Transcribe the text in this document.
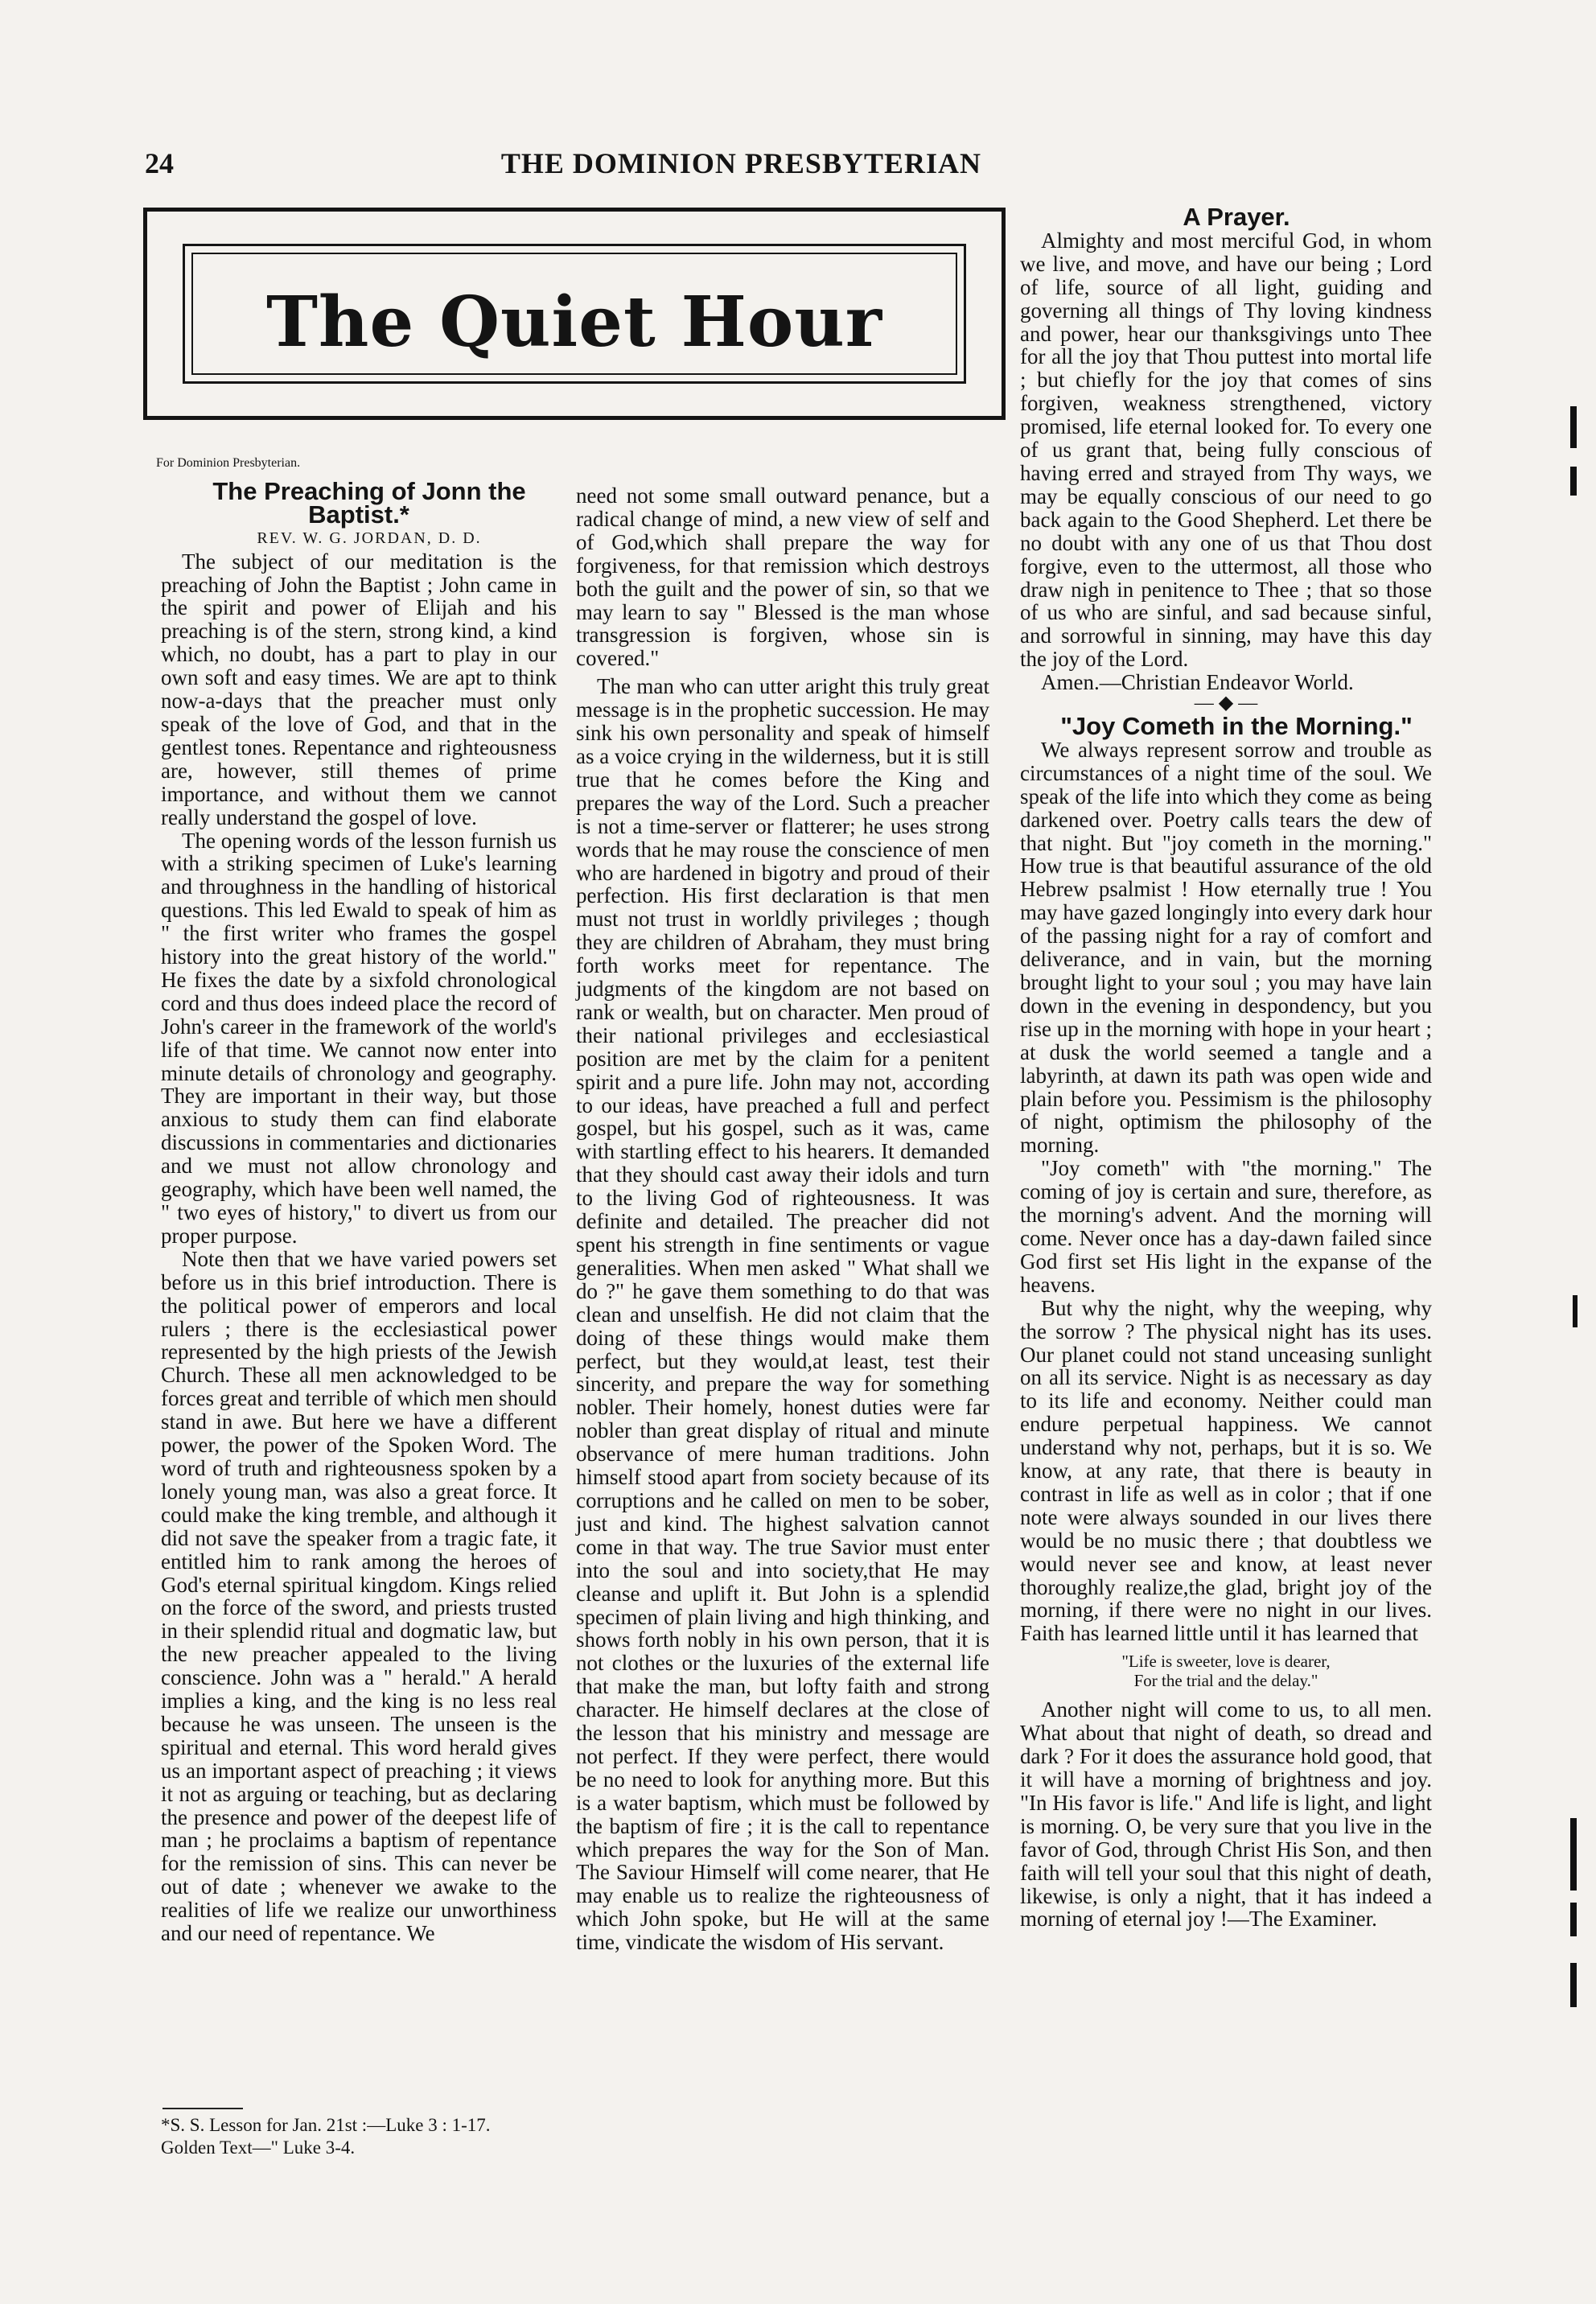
24	THE DOMINION PRESBYTERIAN
The Quiet Hour

For Dominion Presbyterian.

The Preaching of Jonn the Baptist.*

REV. W. G. JORDAN, D. D.

The subject of our meditation is the preaching of John the Baptist ; John came in the spirit and power of Elijah and his preaching is of the stern, strong kind, a kind which, no doubt, has a part to play in our own soft and easy times. We are apt to think now-a-days that the preacher must only speak of the love of God, and that in the gentlest tones. Repentance and righteousness are, however, still themes of prime importance, and without them we cannot really understand the gospel of love.

The opening words of the lesson furnish us with a striking specimen of Luke's learning and throughness in the handling of historical questions. This led Ewald to speak of him as " the first writer who frames the gospel history into the great history of the world." He fixes the date by a sixfold chronological cord and thus does indeed place the record of John's career in the framework of the world's life of that time. We cannot now enter into minute details of chronology and geography. They are important in their way, but those anxious to study them can find elaborate discussions in commentaries and dictionaries and we must not allow chronology and geography, which have been well named, the " two eyes of history," to divert us from our proper purpose.

Note then that we have varied powers set before us in this brief introduction. There is the political power of emperors and local rulers ; there is the ecclesiastical power represented by the high priests of the Jewish Church. These all men acknowledged to be forces great and terrible of which men should stand in awe. But here we have a different power, the power of the Spoken Word. The word of truth and righteousness spoken by a lonely young man, was also a great force. It could make the king tremble, and although it did not save the speaker from a tragic fate, it entitled him to rank among the heroes of God's eternal spiritual kingdom. Kings relied on the force of the sword, and priests trusted in their splendid ritual and dogmatic law, but the new preacher appealed to the living conscience. John was a " herald." A herald implies a king, and the king is no less real because he was unseen. The unseen is the spiritual and eternal. This word herald gives us an important aspect of preaching ; it views it not as arguing or teaching, but as declaring the presence and power of the deepest life of man ; he proclaims a baptism of repentance for the remission of sins. This can never be out of date ; whenever we awake to the realities of life we realize our unworthiness and our need of repentance. We

need not some small outward penance, but a radical change of mind, a new view of self and of God,which shall prepare the way for forgiveness, for that remission which destroys both the guilt and the power of sin, so that we may learn to say " Blessed is the man whose transgression is forgiven, whose sin is covered."

The man who can utter aright this truly great message is in the prophetic succession. He may sink his own personality and speak of himself as a voice crying in the wilderness, but it is still true that he comes before the King and prepares the way of the Lord. Such a preacher is not a time-server or flatterer; he uses strong words that he may rouse the conscience of men who are hardened in bigotry and proud of their perfection. His first declaration is that men must not trust in worldly privileges ; though they are children of Abraham, they must bring forth works meet for repentance. The judgments of the kingdom are not based on rank or wealth, but on character. Men proud of their national privileges and ecclesiastical position are met by the claim for a penitent spirit and a pure life. John may not, according to our ideas, have preached a full and perfect gospel, but his gospel, such as it was, came with startling effect to his hearers. It demanded that they should cast away their idols and turn to the living God of righteousness. It was definite and detailed. The preacher did not spent his strength in fine sentiments or vague generalities. When men asked " What shall we do ?" he gave them something to do that was clean and unselfish. He did not claim that the doing of these things would make them perfect, but they would,at least, test their sincerity, and prepare the way for something nobler. Their homely, honest duties were far nobler than great display of ritual and minute observance of mere human traditions. John himself stood apart from society because of its corruptions and he called on men to be sober, just and kind. The highest salvation cannot come in that way. The true Savior must enter into the soul and into society,that He may cleanse and uplift it. But John is a splendid specimen of plain living and high thinking, and shows forth nobly in his own person, that it is not clothes or the luxuries of the external life that make the man, but lofty faith and strong character. He himself declares at the close of the lesson that his ministry and message are not perfect. If they were perfect, there would be no need to look for anything more. But this is a water baptism, which must be followed by the baptism of fire ; it is the call to repentance which prepares the way for the Son of Man. The Saviour Himself will come nearer, that He may enable us to realize the righteousness of which John spoke, but He will at the same time, vindicate the wisdom of His servant.

A Prayer.

Almighty and most merciful God, in whom we live, and move, and have our being ; Lord of life, source of all light, guiding and governing all things of Thy loving kindness and power, hear our thanksgivings unto Thee for all the joy that Thou puttest into mortal life ; but chiefly for the joy that comes of sins forgiven, weakness strengthened, victory promised, life eternal looked for. To every one of us grant that, being fully conscious of having erred and strayed from Thy ways, we may be equally conscious of our need to go back again to the Good Shepherd. Let there be no doubt with any one of us that Thou dost forgive, even to the uttermost, all those who draw nigh in penitence to Thee ; that so those of us who are sinful, and sad because sinful, and sorrowful in sinning, may have this day the joy of the Lord.

Amen.—Christian Endeavor World.

— ◆ —

"Joy Cometh in the Morning."

We always represent sorrow and trouble as circumstances of a night time of the soul. We speak of the life into which they come as being darkened over. Poetry calls tears the dew of that night. But "joy cometh in the morning." How true is that beautiful assurance of the old Hebrew psalmist ! How eternally true ! You may have gazed longingly into every dark hour of the passing night for a ray of comfort and deliverance, and in vain, but the morning brought light to your soul ; you may have lain down in the evening in despondency, but you rise up in the morning with hope in your heart ; at dusk the world seemed a tangle and a labyrinth, at dawn its path was open wide and plain before you. Pessimism is the philosophy of night, optimism the philosophy of the morning.

"Joy cometh" with "the morning." The coming of joy is certain and sure, therefore, as the morning's advent. And the morning will come. Never once has a day-dawn failed since God first set His light in the expanse of the heavens.

But why the night, why the weeping, why the sorrow ? The physical night has its uses. Our planet could not stand unceasing sunlight on all its service. Night is as necessary as day to its life and economy. Neither could man endure perpetual happiness. We cannot understand why not, perhaps, but it is so. We know, at any rate, that there is beauty in contrast in life as well as in color ; that if one note were always sounded in our lives there would be no music there ; that doubtless we would never see and know, at least never thoroughly realize,the glad, bright joy of the morning, if there were no night in our lives. Faith has learned little until it has learned that

"Life is sweeter, love is dearer,
For the trial and the delay."

Another night will come to us, to all men. What about that night of death, so dread and dark ? For it does the assurance hold good, that it will have a morning of brightness and joy. "In His favor is life." And life is light, and light is morning. O, be very sure that you live in the favor of God, through Christ His Son, and then faith will tell your soul that this night of death, likewise, is only a night, that it has indeed a morning of eternal joy !—The Examiner.

*S. S. Lesson for Jan. 21st :—Luke 3 : 1-17.
Golden Text—" Luke 3-4.
